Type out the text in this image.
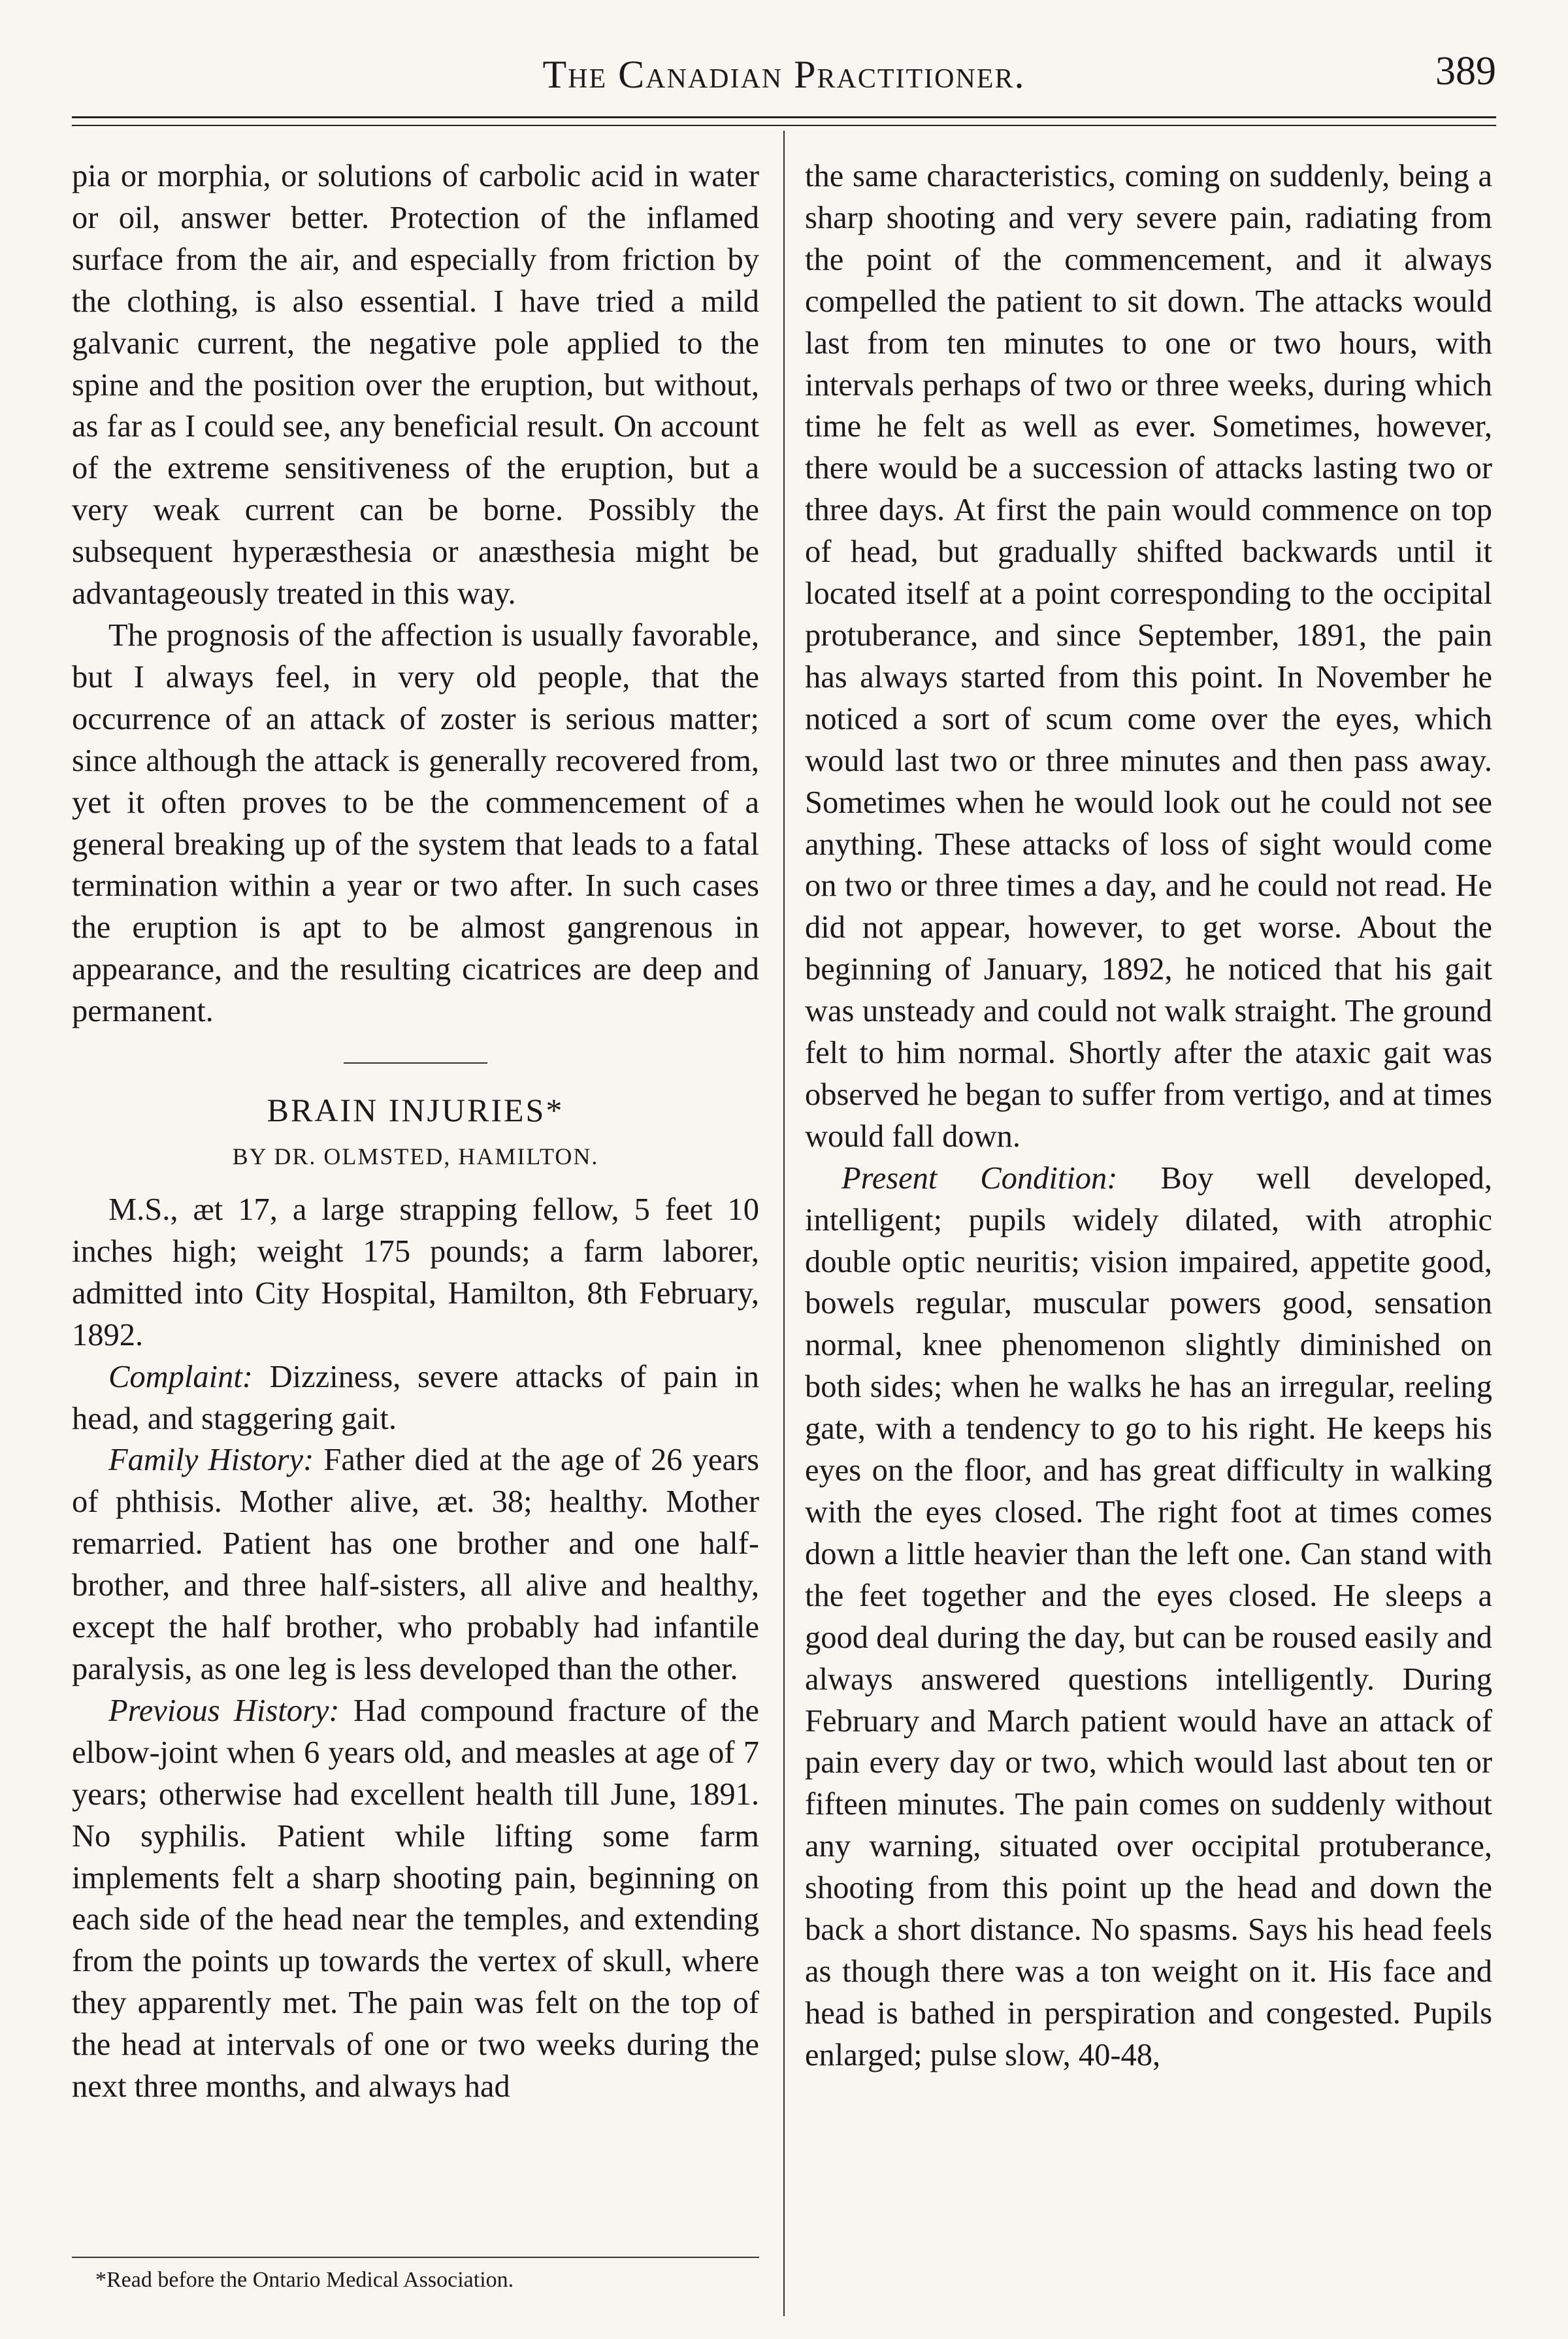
The Canadian Practitioner.	389

pia or morphia, or solutions of carbolic acid in water or oil, answer better. Protection of the inflamed surface from the air, and especially from friction by the clothing, is also essential. I have tried a mild galvanic current, the negative pole applied to the spine and the position over the eruption, but without, as far as I could see, any beneficial result. On account of the extreme sensitiveness of the eruption, but a very weak current can be borne. Possibly the subsequent hyperæsthesia or anæsthesia might be advantageously treated in this way.

The prognosis of the affection is usually favorable, but I always feel, in very old people, that the occurrence of an attack of zoster is serious matter; since although the attack is generally recovered from, yet it often proves to be the commencement of a general breaking up of the system that leads to a fatal termination within a year or two after. In such cases the eruption is apt to be almost gangrenous in appearance, and the resulting cicatrices are deep and permanent.

BRAIN INJURIES*
BY DR. OLMSTED, HAMILTON.

M.S., æt 17, a large strapping fellow, 5 feet 10 inches high; weight 175 pounds; a farm laborer, admitted into City Hospital, Hamilton, 8th February, 1892.

Complaint: Dizziness, severe attacks of pain in head, and staggering gait.

Family History: Father died at the age of 26 years of phthisis. Mother alive, æt. 38; healthy. Mother remarried. Patient has one brother and one half-brother, and three half-sisters, all alive and healthy, except the half brother, who probably had infantile paralysis, as one leg is less developed than the other.

Previous History: Had compound fracture of the elbow-joint when 6 years old, and measles at age of 7 years; otherwise had excellent health till June, 1891. No syphilis. Patient while lifting some farm implements felt a sharp shooting pain, beginning on each side of the head near the temples, and extending from the points up towards the vertex of skull, where they apparently met. The pain was felt on the top of the head at intervals of one or two weeks during the next three months, and always had

the same characteristics, coming on suddenly, being a sharp shooting and very severe pain, radiating from the point of the commencement, and it always compelled the patient to sit down. The attacks would last from ten minutes to one or two hours, with intervals perhaps of two or three weeks, during which time he felt as well as ever. Sometimes, however, there would be a succession of attacks lasting two or three days. At first the pain would commence on top of head, but gradually shifted backwards until it located itself at a point corresponding to the occipital protuberance, and since September, 1891, the pain has always started from this point. In November he noticed a sort of scum come over the eyes, which would last two or three minutes and then pass away. Sometimes when he would look out he could not see anything. These attacks of loss of sight would come on two or three times a day, and he could not read. He did not appear, however, to get worse. About the beginning of January, 1892, he noticed that his gait was unsteady and could not walk straight. The ground felt to him normal. Shortly after the ataxic gait was observed he began to suffer from vertigo, and at times would fall down.

Present Condition: Boy well developed, intelligent; pupils widely dilated, with atrophic double optic neuritis; vision impaired, appetite good, bowels regular, muscular powers good, sensation normal, knee phenomenon slightly diminished on both sides; when he walks he has an irregular, reeling gate, with a tendency to go to his right. He keeps his eyes on the floor, and has great difficulty in walking with the eyes closed. The right foot at times comes down a little heavier than the left one. Can stand with the feet together and the eyes closed. He sleeps a good deal during the day, but can be roused easily and always answered questions intelligently. During February and March patient would have an attack of pain every day or two, which would last about ten or fifteen minutes. The pain comes on suddenly without any warning, situated over occipital protuberance, shooting from this point up the head and down the back a short distance. No spasms. Says his head feels as though there was a ton weight on it. His face and head is bathed in perspiration and congested. Pupils enlarged; pulse slow, 40-48,

*Read before the Ontario Medical Association.
